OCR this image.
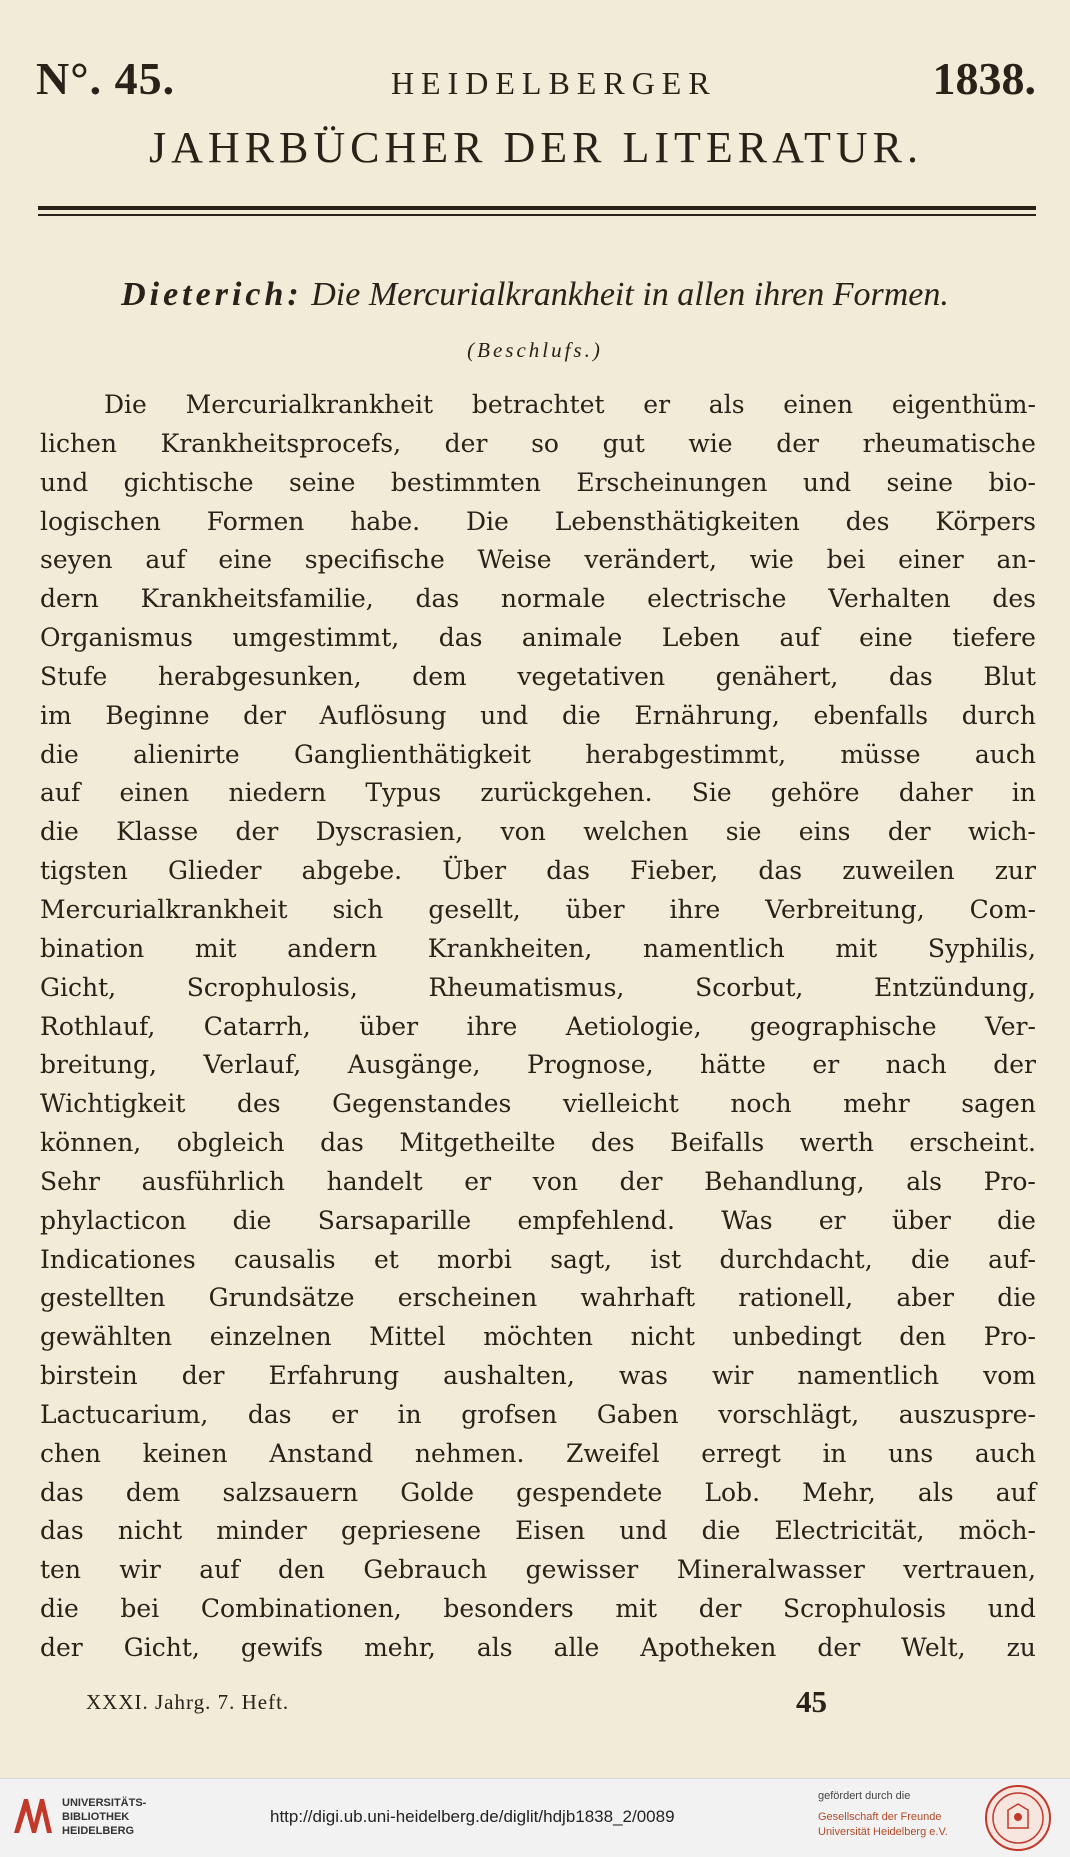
N°. 45.	HEIDELBERGER	1838.
JAHRBÜCHER DER LITERATUR.
Dieterich: Die Mercurialkrankheit in allen ihren Formen.
(Beschlufs.)
Die Mercurialkrankheit betrachtet er als einen eigenthüm-
lichen Krankheitsprocefs, der so gut wie der rheumatische
und gichtische seine bestimmten Erscheinungen und seine bio-
logischen Formen habe. Die Lebensthätigkeiten des Körpers
seyen auf eine specifische Weise verändert, wie bei einer an-
dern Krankheitsfamilie, das normale electrische Verhalten des
Organismus umgestimmt, das animale Leben auf eine tiefere
Stufe herabgesunken, dem vegetativen genähert, das Blut
im Beginne der Auflösung und die Ernährung, ebenfalls durch
die alienirte Ganglienthätigkeit herabgestimmt, müsse auch
auf einen niedern Typus zurückgehen. Sie gehöre daher in
die Klasse der Dyscrasien, von welchen sie eins der wich-
tigsten Glieder abgebe. Über das Fieber, das zuweilen zur
Mercurialkrankheit sich gesellt, über ihre Verbreitung, Com-
bination mit andern Krankheiten, namentlich mit Syphilis,
Gicht,	Scrophulosis,	Rheumatismus,	Scorbut,	Entzündung,
Rothlauf, Catarrh, über ihre Aetiologie, geographische Ver-
breitung, Verlauf, Ausgänge, Prognose, hätte er nach der
Wichtigkeit des Gegenstandes vielleicht noch mehr sagen
können, obgleich das Mitgetheilte des Beifalls werth erscheint.
Sehr ausführlich handelt er von der Behandlung, als Pro-
phylacticon die Sarsaparille empfehlend. Was er über die
Indicationes causalis et morbi sagt, ist durchdacht, die auf-
gestellten Grundsätze erscheinen wahrhaft rationell, aber die
gewählten einzelnen Mittel möchten nicht unbedingt den Pro-
birstein der Erfahrung aushalten, was wir namentlich vom
Lactucarium, das er in grofsen Gaben vorschlägt, auszuspre-
chen keinen Anstand nehmen. Zweifel erregt in uns auch
das dem salzsauern Golde gespendete Lob. Mehr, als auf
das nicht minder gepriesene Eisen und die Electricität, möch-
ten wir auf den Gebrauch gewisser Mineralwasser vertrauen,
die bei Combinationen, besonders mit der Scrophulosis und
der Gicht, gewifs mehr, als alle Apotheken der Welt, zu
XXXI. Jahrg. 7. Heft.	45
UNIVERSITÄTS-
BIBLIOTHEK
HEIDELBERG
http://digi.ub.uni-heidelberg.de/diglit/hdjb1838_2/0089
gefördert durch die
Gesellschaft der Freunde
Universität Heidelberg e.V.
